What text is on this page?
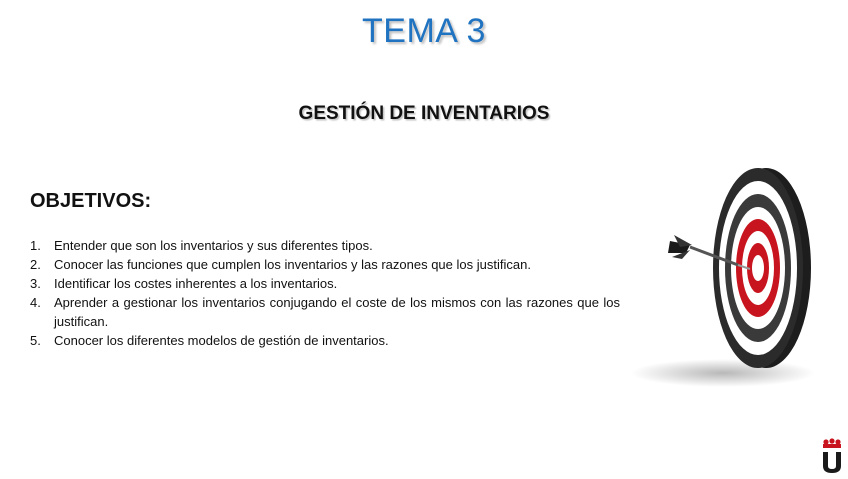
TEMA 3
GESTIÓN DE INVENTARIOS
OBJETIVOS:
1. Entender que son los inventarios y sus diferentes tipos.
2. Conocer las funciones que cumplen los inventarios y las razones que los justifican.
3. Identificar los costes inherentes a los inventarios.
4. Aprender a gestionar los inventarios conjugando el coste de los mismos con las razones que los justifican.
5. Conocer los diferentes modelos de gestión de inventarios.
